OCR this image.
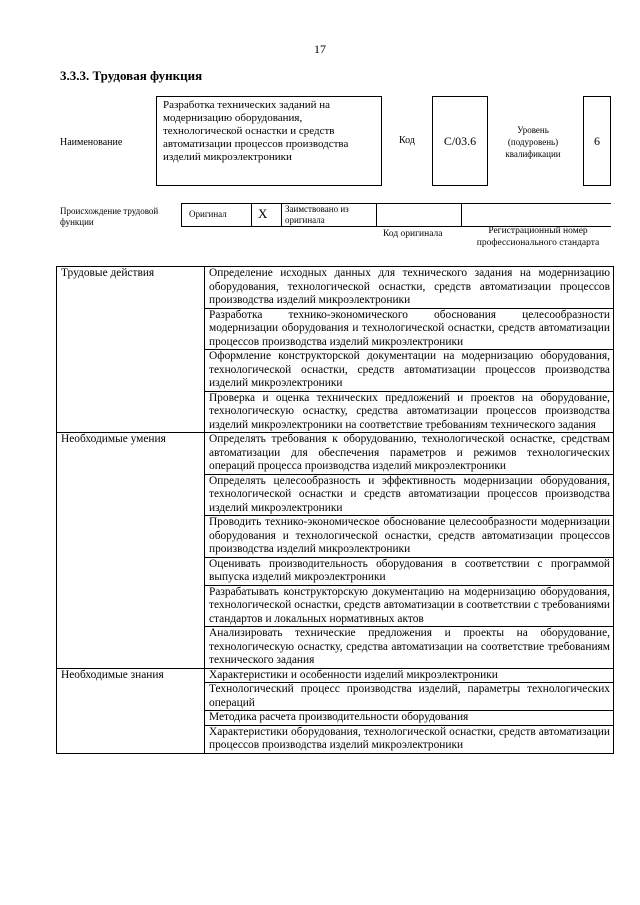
17
3.3.3. Трудовая функция
Наименование
Разработка технических заданий на модернизацию оборудования, технологической оснастки и средств автоматизации процессов производства изделий микроэлектроники
Код	С/03.6
Уровень (подуровень) квалификации
6
Происхождение трудовой функции
Оригинал X Заимствовано из оригинала
Код оригинала	Регистрационный номер профессионального стандарта
Трудовые действия	Определение исходных данных для технического задания на модернизацию оборудования, технологической оснастки, средств автоматизации процессов производства изделий микроэлектроники
	Разработка технико-экономического обоснования целесообразности модернизации оборудования и технологической оснастки, средств автоматизации процессов производства изделий микроэлектроники
	Оформление конструкторской документации на модернизацию оборудования, технологической оснастки, средств автоматизации процессов производства изделий микроэлектроники
	Проверка и оценка технических предложений и проектов на оборудование, технологическую оснастку, средства автоматизации процессов производства изделий микроэлектроники на соответствие требованиям технического задания
Необходимые умения	Определять требования к оборудованию, технологической оснастке, средствам автоматизации для обеспечения параметров и режимов технологических операций процесса производства изделий микроэлектроники
	Определять целесообразность и эффективность модернизации оборудования, технологической оснастки и средств автоматизации процессов производства изделий микроэлектроники
	Проводить технико-экономическое обоснование целесообразности модернизации оборудования и технологической оснастки, средств автоматизации процессов производства изделий микроэлектроники
	Оценивать производительность оборудования в соответствии с программой выпуска изделий микроэлектроники
	Разрабатывать конструкторскую документацию на модернизацию оборудования, технологической оснастки, средств автоматизации в соответствии с требованиями стандартов и локальных нормативных актов
	Анализировать технические предложения и проекты на оборудование, технологическую оснастку, средства автоматизации на соответствие требованиям технического задания
Необходимые знания	Характеристики и особенности изделий микроэлектроники
	Технологический процесс производства изделий, параметры технологических операций
	Методика расчета производительности оборудования
	Характеристики оборудования, технологической оснастки, средств автоматизации процессов производства изделий микроэлектроники
